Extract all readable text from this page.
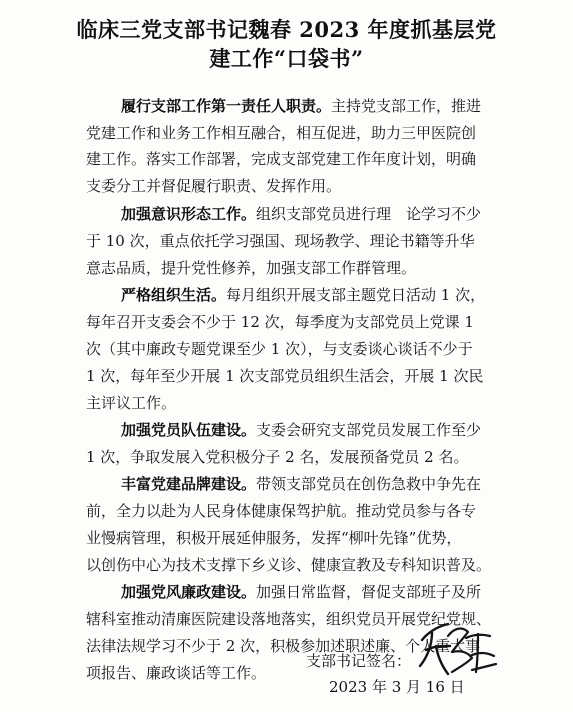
临床三党支部书记魏春 2023 年度抓基层党
建工作“口袋书”
履行支部工作第一责任人职责。主持党支部工作，推进
党建工作和业务工作相互融合，相互促进，助力三甲医院创
建工作。落实工作部署，完成支部党建工作年度计划，明确
支委分工并督促履行职责、发挥作用。
加强意识形态工作。组织支部党员进行理　论学习不少
于 10 次，重点依托学习强国、现场教学、理论书籍等升华
意志品质，提升党性修养，加强支部工作群管理。
严格组织生活。每月组织开展支部主题党日活动 1 次，
每年召开支委会不少于 12 次，每季度为支部党员上党课 1
次（其中廉政专题党课至少 1 次），与支委谈心谈话不少于
1 次，每年至少开展 1 次支部党员组织生活会，开展 1 次民
主评议工作。
加强党员队伍建设。支委会研究支部党员发展工作至少
1 次，争取发展入党积极分子 2 名，发展预备党员 2 名。
丰富党建品牌建设。带领支部党员在创伤急救中争先在
前，全力以赴为人民身体健康保驾护航。推动党员参与各专
业慢病管理，积极开展延伸服务，发挥“柳叶先锋”优势，
以创伤中心为技术支撑下乡义诊、健康宣教及专科知识普及。
加强党风廉政建设。加强日常监督，督促支部班子及所
辖科室推动清廉医院建设落地落实，组织党员开展党纪党规、
法律法规学习不少于 2 次，积极参加述职述廉、个人重大事
项报告、廉政谈话等工作。
支部书记签名：
2023 年 3 月 16 日
